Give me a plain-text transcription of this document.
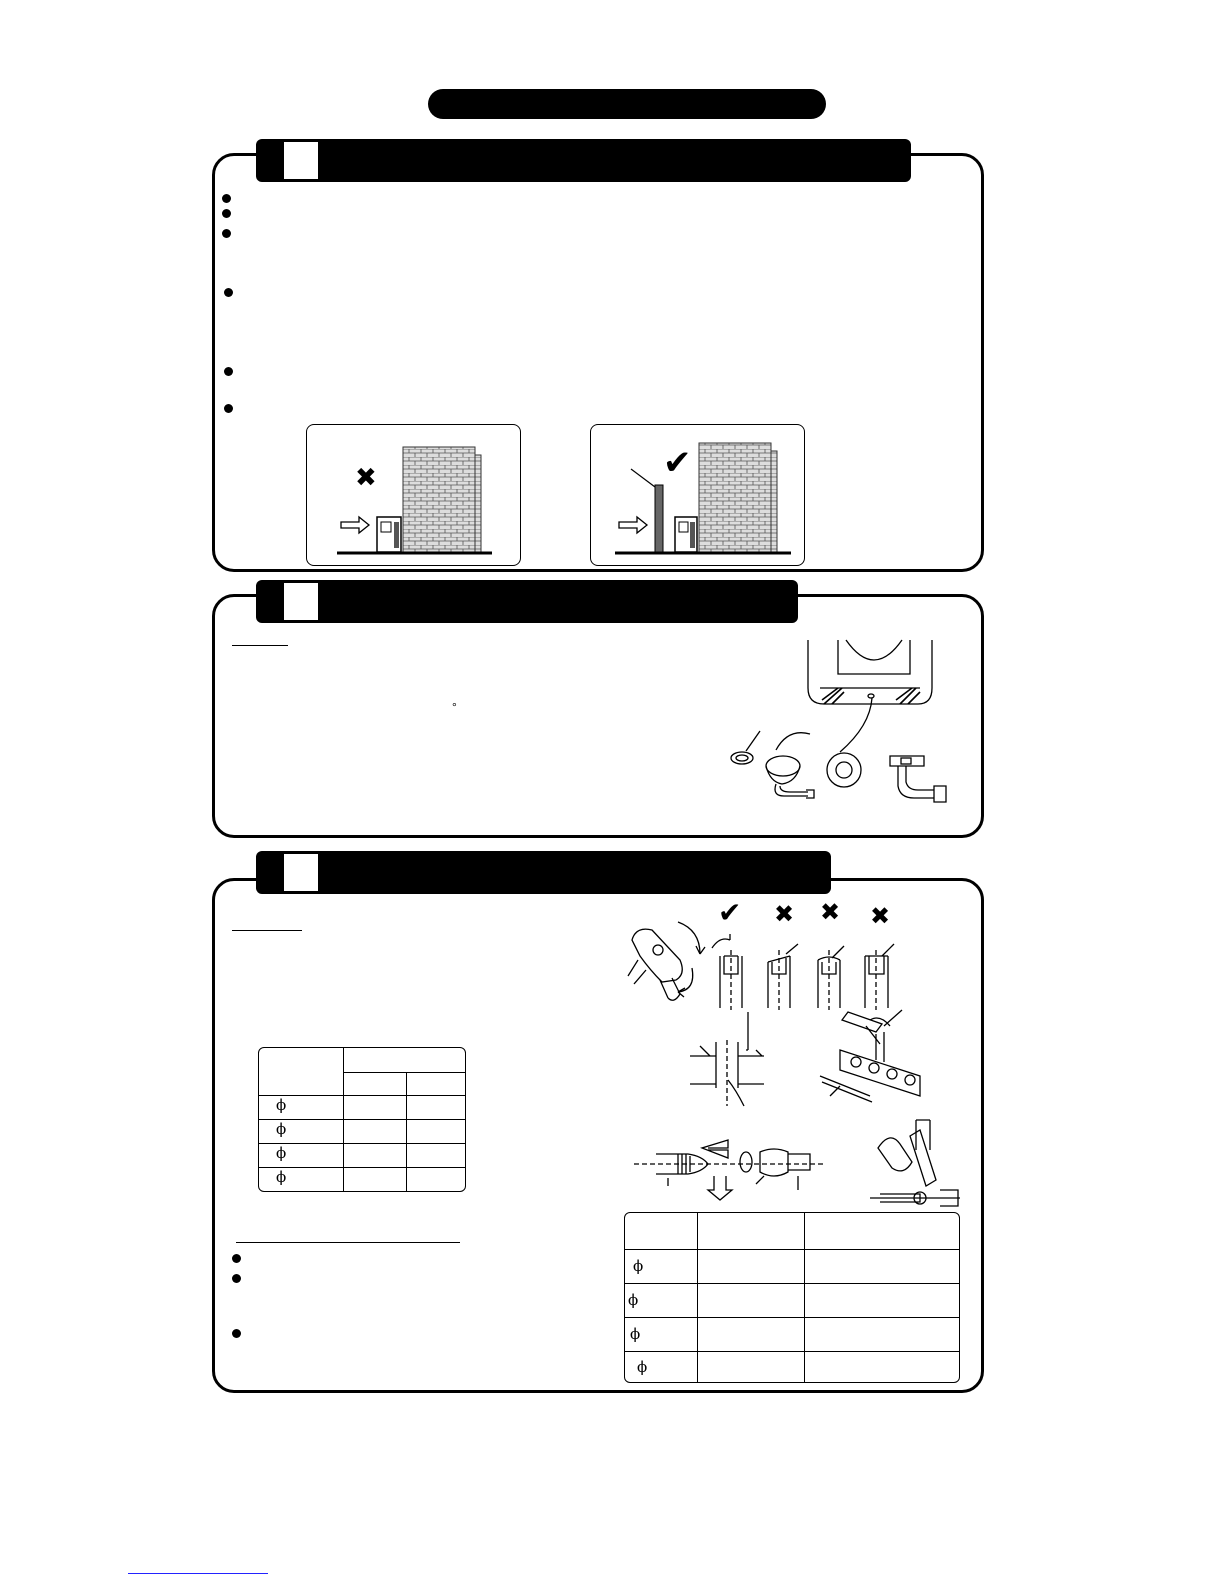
✖	✔
°
ϕ
ϕ
ϕ
ϕ
✔ ✖ ✖ ✖
ϕ
ϕ
ϕ
ϕ
